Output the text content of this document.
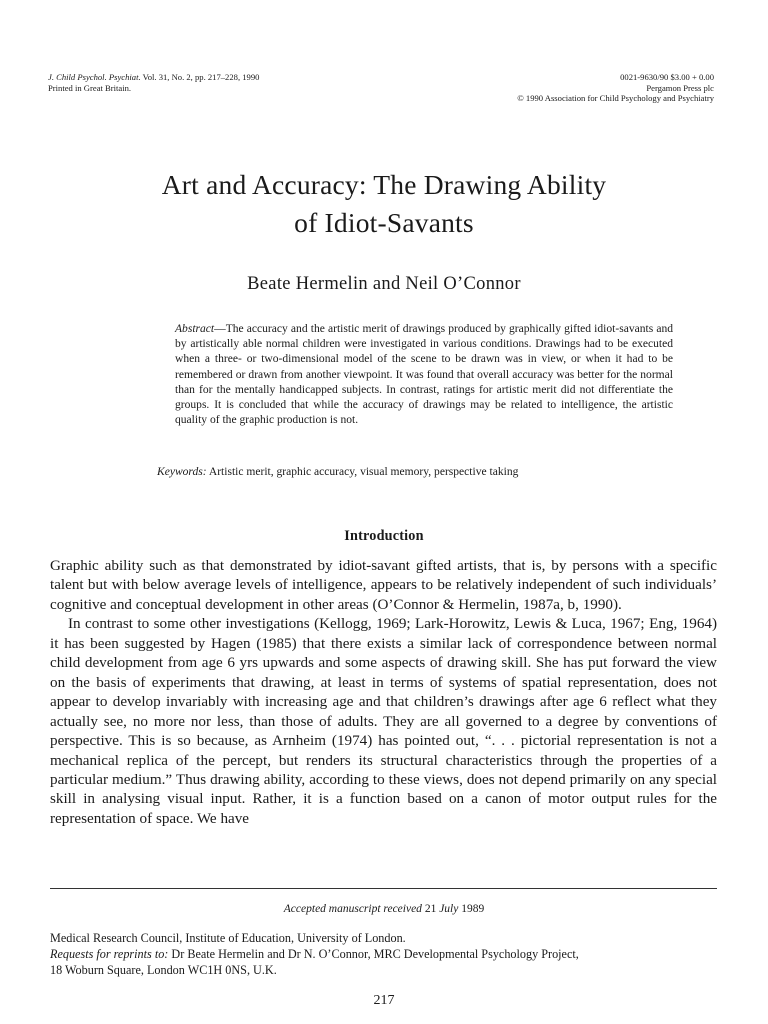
J. Child Psychol. Psychiat. Vol. 31, No. 2, pp. 217–228, 1990
Printed in Great Britain.
0021-9630/90 $3.00 + 0.00
Pergamon Press plc
© 1990 Association for Child Psychology and Psychiatry
Art and Accuracy: The Drawing Ability
of Idiot-Savants
Beate Hermelin and Neil O’Connor
Abstract—The accuracy and the artistic merit of drawings produced by graphically gifted idiot-savants and by artistically able normal children were investigated in various conditions. Drawings had to be executed when a three- or two-dimensional model of the scene to be drawn was in view, or when it had to be remembered or drawn from another viewpoint. It was found that overall accuracy was better for the normal than for the mentally handicapped subjects. In contrast, ratings for artistic merit did not differentiate the groups. It is concluded that while the accuracy of drawings may be related to intelligence, the artistic quality of the graphic production is not.
Keywords: Artistic merit, graphic accuracy, visual memory, perspective taking
Introduction

Graphic ability such as that demonstrated by idiot-savant gifted artists, that is, by persons with a specific talent but with below average levels of intelligence, appears to be relatively independent of such individuals’ cognitive and conceptual development in other areas (O’Connor & Hermelin, 1987a, b, 1990).

In contrast to some other investigations (Kellogg, 1969; Lark-Horowitz, Lewis & Luca, 1967; Eng, 1964) it has been suggested by Hagen (1985) that there exists a similar lack of correspondence between normal child development from age 6 yrs upwards and some aspects of drawing skill. She has put forward the view on the basis of experiments that drawing, at least in terms of systems of spatial representation, does not appear to develop invariably with increasing age and that children’s drawings after age 6 reflect what they actually see, no more nor less, than those of adults. They are all governed to a degree by conventions of perspective. This is so because, as Arnheim (1974) has pointed out, “. . . pictorial representation is not a mechanical replica of the percept, but renders its structural characteristics through the properties of a particular medium.” Thus drawing ability, according to these views, does not depend primarily on any special skill in analysing visual input. Rather, it is a function based on a canon of motor output rules for the representation of space. We have

Accepted manuscript received 21 July 1989
Medical Research Council, Institute of Education, University of London.
Requests for reprints to: Dr Beate Hermelin and Dr N. O’Connor, MRC Developmental Psychology Project,
18 Woburn Square, London WC1H 0NS, U.K.
217
